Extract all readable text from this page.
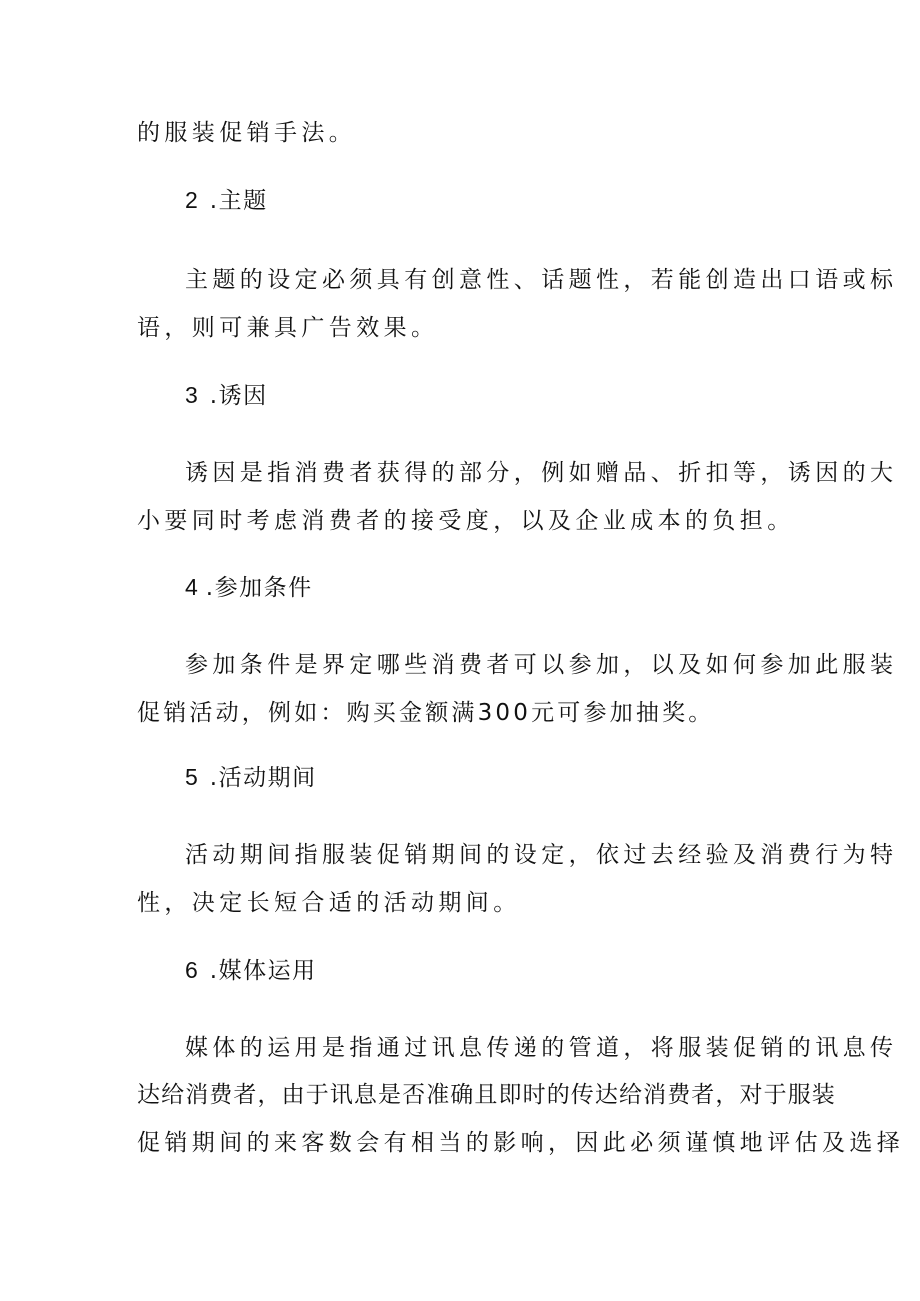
的服装促销手法。
2 .主题
主题的设定必须具有创意性、话题性，若能创造出口语或标
语，则可兼具广告效果。
3 .诱因
诱因是指消费者获得的部分，例如赠品、折扣等，诱因的大
小要同时考虑消费者的接受度，以及企业成本的负担。
4 .参加条件
参加条件是界定哪些消费者可以参加，以及如何参加此服装
促销活动，例如：购买金额满300元可参加抽奖。
5 .活动期间
活动期间指服装促销期间的设定，依过去经验及消费行为特
性，决定长短合适的活动期间。
6 .媒体运用
媒体的运用是指通过讯息传递的管道，将服装促销的讯息传
达给消费者，由于讯息是否准确且即时的传达给消费者，对于服装
促销期间的来客数会有相当的影响，因此必须谨慎地评估及选择
